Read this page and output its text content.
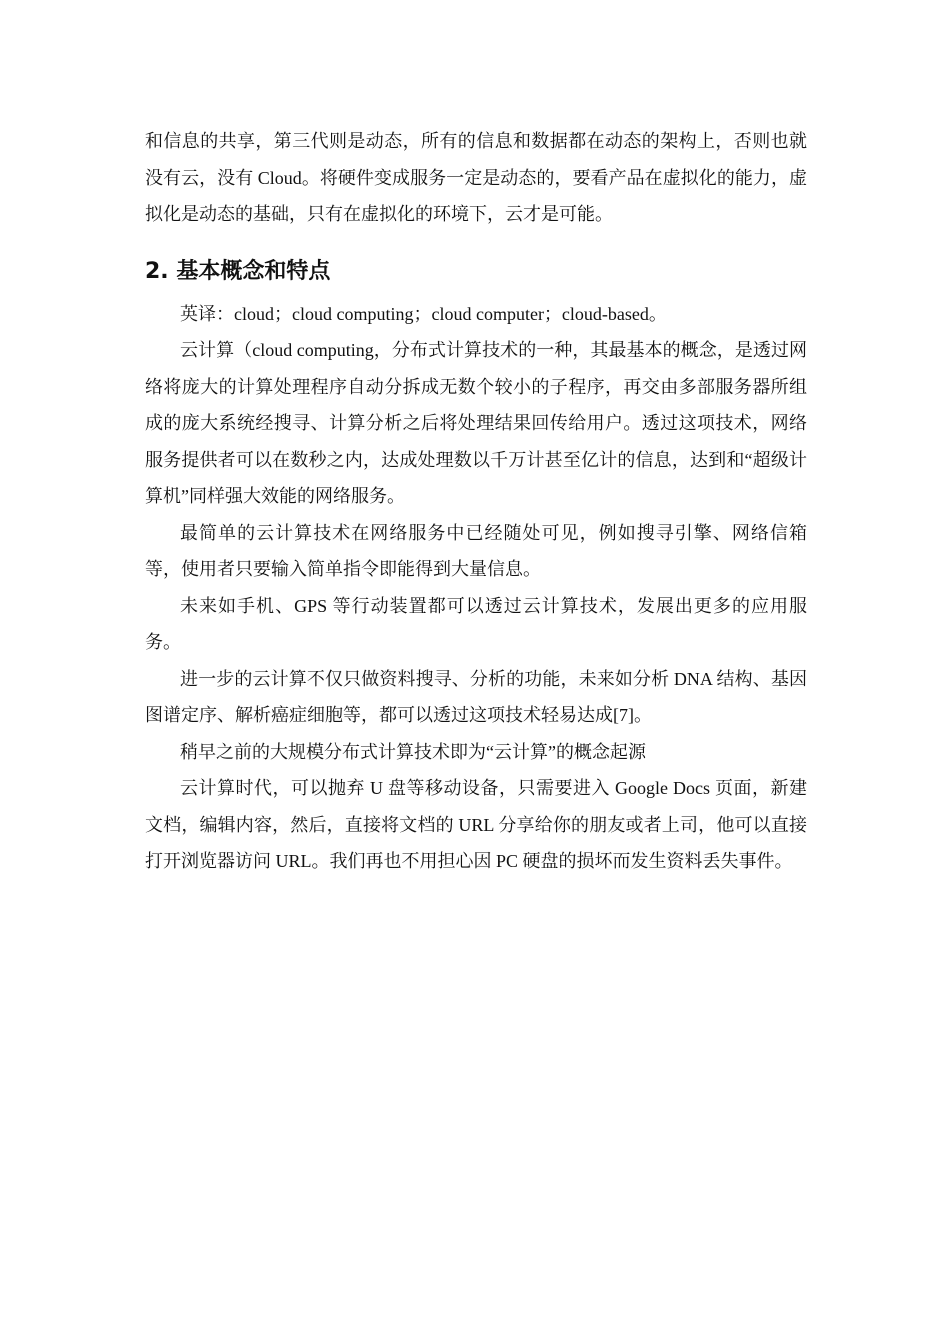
和信息的共享，第三代则是动态，所有的信息和数据都在动态的架构上，否则也就没有云，没有 Cloud。将硬件变成服务一定是动态的，要看产品在虚拟化的能力，虚拟化是动态的基础，只有在虚拟化的环境下，云才是可能。

2. 基本概念和特点

英译：cloud；cloud computing；cloud computer；cloud-based。

云计算（cloud computing，分布式计算技术的一种，其最基本的概念，是透过网络将庞大的计算处理程序自动分拆成无数个较小的子程序，再交由多部服务器所组成的庞大系统经搜寻、计算分析之后将处理结果回传给用户。透过这项技术，网络服务提供者可以在数秒之内，达成处理数以千万计甚至亿计的信息，达到和“超级计算机”同样强大效能的网络服务。

最简单的云计算技术在网络服务中已经随处可见，例如搜寻引擎、网络信箱等，使用者只要输入简单指令即能得到大量信息。

未来如手机、GPS 等行动装置都可以透过云计算技术，发展出更多的应用服务。

进一步的云计算不仅只做资料搜寻、分析的功能，未来如分析 DNA 结构、基因图谱定序、解析癌症细胞等，都可以透过这项技术轻易达成[7]。

稍早之前的大规模分布式计算技术即为“云计算”的概念起源

云计算时代，可以抛弃 U 盘等移动设备，只需要进入 Google Docs 页面，新建文档，编辑内容，然后，直接将文档的 URL 分享给你的朋友或者上司，他可以直接打开浏览器访问 URL。我们再也不用担心因 PC 硬盘的损坏而发生资料丢失事件。
